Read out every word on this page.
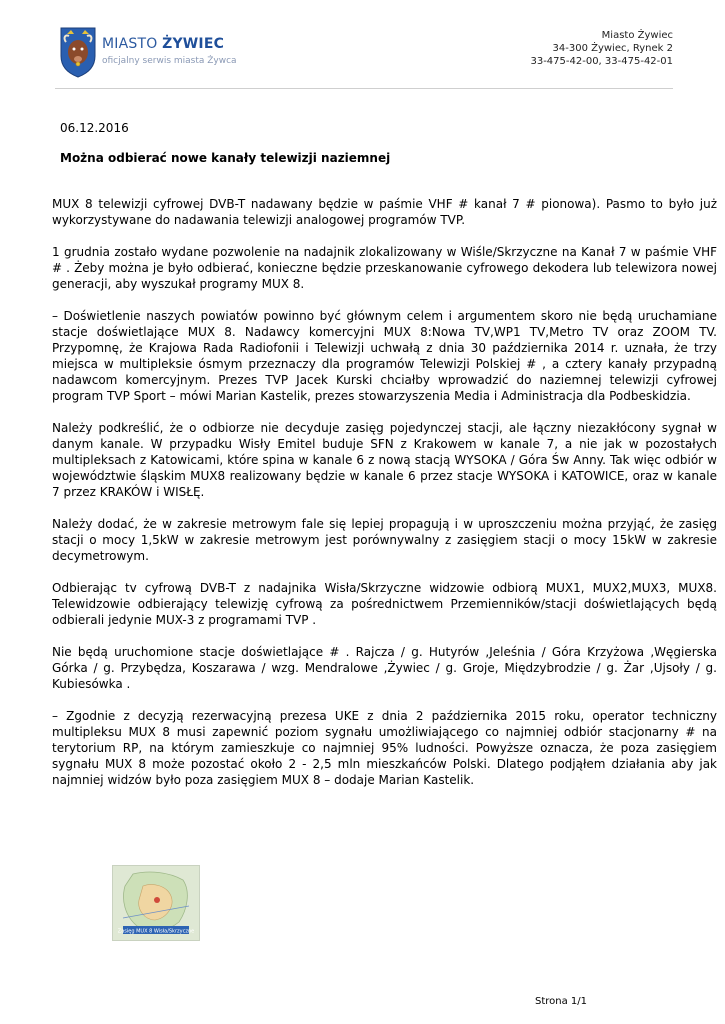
MIASTO ŻYWIEC
oficjalny serwis miasta Żywca
Miasto Żywiec
34-300 Żywiec, Rynek 2
33-475-42-00, 33-475-42-01
06.12.2016
Można odbierać nowe kanały telewizji naziemnej

MUX 8 telewizji cyfrowej DVB-T nadawany będzie w paśmie VHF # kanał 7 # pionowa). Pasmo to było już wykorzystywane do nadawania telewizji analogowej programów TVP.

1 grudnia zostało wydane pozwolenie na nadajnik zlokalizowany w Wiśle/Skrzyczne na Kanał 7 w paśmie VHF # . Żeby można je było odbierać, konieczne będzie przeskanowanie cyfrowego dekodera lub telewizora nowej generacji, aby wyszukał programy MUX 8.

– Doświetlenie naszych powiatów powinno być głównym celem i argumentem skoro nie będą uruchamiane stacje doświetlające MUX 8. Nadawcy komercyjni MUX 8:Nowa TV,WP1 TV,Metro TV oraz ZOOM TV. Przypomnę, że Krajowa Rada Radiofonii i Telewizji uchwałą z dnia 30 października 2014 r. uznała, że trzy miejsca w multipleksie ósmym przeznaczy dla programów Telewizji Polskiej # , a cztery kanały przypadną nadawcom komercyjnym. Prezes TVP Jacek Kurski chciałby wprowadzić do naziemnej telewizji cyfrowej program TVP Sport – mówi Marian Kastelik, prezes stowarzyszenia Media i Administracja dla Podbeskidzia.

Należy podkreślić, że o odbiorze nie decyduje zasięg pojedynczej stacji, ale łączny niezakłócony sygnał w danym kanale. W przypadku Wisły Emitel buduje SFN z Krakowem w kanale 7, a nie jak w pozostałych multipleksach z Katowicami, które spina w kanale 6 z nową stacją WYSOKA / Góra Św Anny. Tak więc odbiór w województwie śląskim MUX8 realizowany będzie w kanale 6 przez stacje WYSOKA i KATOWICE, oraz w kanale 7 przez KRAKÓW i WISŁĘ.

Należy dodać, że w zakresie metrowym fale się lepiej propagują i w uproszczeniu można przyjąć, że zasięg stacji o mocy 1,5kW w zakresie metrowym jest porównywalny z zasięgiem stacji o mocy 15kW w zakresie decymetrowym.

Odbierając tv cyfrową DVB-T z nadajnika Wisła/Skrzyczne widzowie odbiorą MUX1, MUX2,MUX3, MUX8. Telewidzowie odbierający telewizję cyfrową za pośrednictwem Przemienników/stacji doświetlających będą odbierali jedynie MUX-3 z programami TVP .

Nie będą uruchomione stacje doświetlające # . Rajcza / g. Hutyrów ,Jeleśnia / Góra Krzyżowa ,Węgierska Górka / g. Przybędza, Koszarawa / wzg. Mendralowe ,Żywiec / g. Groje, Międzybrodzie / g. Żar ,Ujsoły / g. Kubiesówka .

– Zgodnie z decyzją rezerwacyjną prezesa UKE z dnia 2 października 2015 roku, operator techniczny multipleksu MUX 8 musi zapewnić poziom sygnału umożliwiającego co najmniej odbiór stacjonarny # na terytorium RP, na którym zamieszkuje co najmniej 95% ludności. Powyższe oznacza, że poza zasięgiem sygnału MUX 8 może pozostać około 2 - 2,5 mln mieszkańców Polski. Dlatego podjąłem działania aby jak najmniej widzów było poza zasięgiem MUX 8 – dodaje Marian Kastelik.

Zasięg MUX 8 Wisła/Skrzyczne
Strona 1/1
